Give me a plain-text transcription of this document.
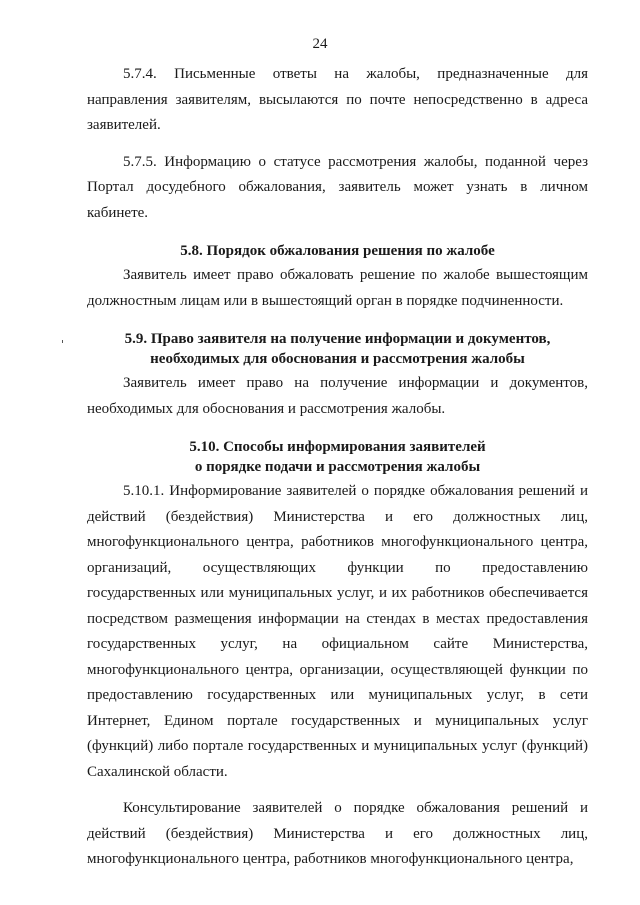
24

5.7.4. Письменные ответы на жалобы, предназначенные для направления заявителям, высылаются по почте непосредственно в адреса заявителей.

5.7.5. Информацию о статусе рассмотрения жалобы, поданной через Портал досудебного обжалования, заявитель может узнать в личном кабинете.

5.8. Порядок обжалования решения по жалобе

Заявитель имеет право обжаловать решение по жалобе вышестоящим должностным лицам или в вышестоящий орган в порядке подчиненности.

5.9. Право заявителя на получение информации и документов,
необходимых для обоснования и рассмотрения жалобы

Заявитель имеет право на получение информации и документов, необходимых для обоснования и рассмотрения жалобы.

5.10. Способы информирования заявителей
о порядке подачи и рассмотрения жалобы

5.10.1. Информирование заявителей о порядке обжалования решений и действий (бездействия) Министерства и его должностных лиц, многофункционального центра, работников многофункционального центра, организаций, осуществляющих функции по предоставлению государственных или муниципальных услуг, и их работников обеспечивается посредством размещения информации на стендах в местах предоставления государственных услуг, на официальном сайте Министерства, многофункционального центра, организации, осуществляющей функции по предоставлению государственных или муниципальных услуг, в сети Интернет, Едином портале государственных и муниципальных услуг (функций) либо портале государственных и муниципальных услуг (функций) Сахалинской области.

Консультирование заявителей о порядке обжалования решений и действий (бездействия) Министерства и его должностных лиц, многофункционального центра, работников многофункционального центра,
